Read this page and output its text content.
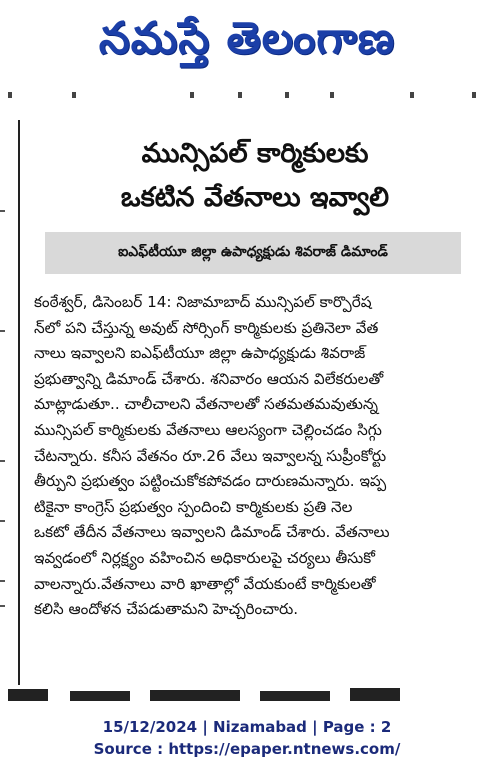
నమస్తే తెలంగాణ
మున్సిపల్ కార్మికులకు
ఒకటిన వేతనాలు ఇవ్వాలి
ఐఎఫ్‌టీయూ జిల్లా ఉపాధ్యక్షుడు శివరాజ్ డిమాండ్
కంఠేశ్వర్, డిసెంబర్ 14: నిజామాబాద్ మున్సిపల్ కార్పొరేష
న్‌లో పని చేస్తున్న అవుట్ సోర్సింగ్ కార్మికులకు ప్రతినెలా వేత
నాలు ఇవ్వాలని ఐఎఫ్‌టీయూ జిల్లా ఉపాధ్యక్షుడు శివరాజ్
ప్రభుత్వాన్ని డిమాండ్ చేశారు. శనివారం ఆయన విలేకరులతో
మాట్లాడుతూ.. చాలీచాలని వేతనాలతో సతమతమవుతున్న
మున్సిపల్ కార్మికులకు వేతనాలు ఆలస్యంగా చెల్లించడం సిగ్గు
చేటన్నారు. కనీస వేతనం రూ.26 వేలు ఇవ్వాలన్న సుప్రీంకోర్టు
తీర్పుని ప్రభుత్వం పట్టించుకోకపోవడం దారుణమన్నారు. ఇప్ప
టికైనా కాంగ్రెస్ ప్రభుత్వం స్పందించి కార్మికులకు ప్రతి నెల
ఒకటో తేదీన వేతనాలు ఇవ్వాలని డిమాండ్ చేశారు. వేతనాలు
ఇవ్వడంలో నిర్లక్ష్యం వహించిన అధికారులపై చర్యలు తీసుకో
వాలన్నారు.వేతనాలు వారి ఖాతాల్లో వేయకుంటే కార్మికులతో
కలిసి ఆందోళన చేపడుతామని హెచ్చరించారు.
15/12/2024 | Nizamabad | Page : 2
Source : https://epaper.ntnews.com/
